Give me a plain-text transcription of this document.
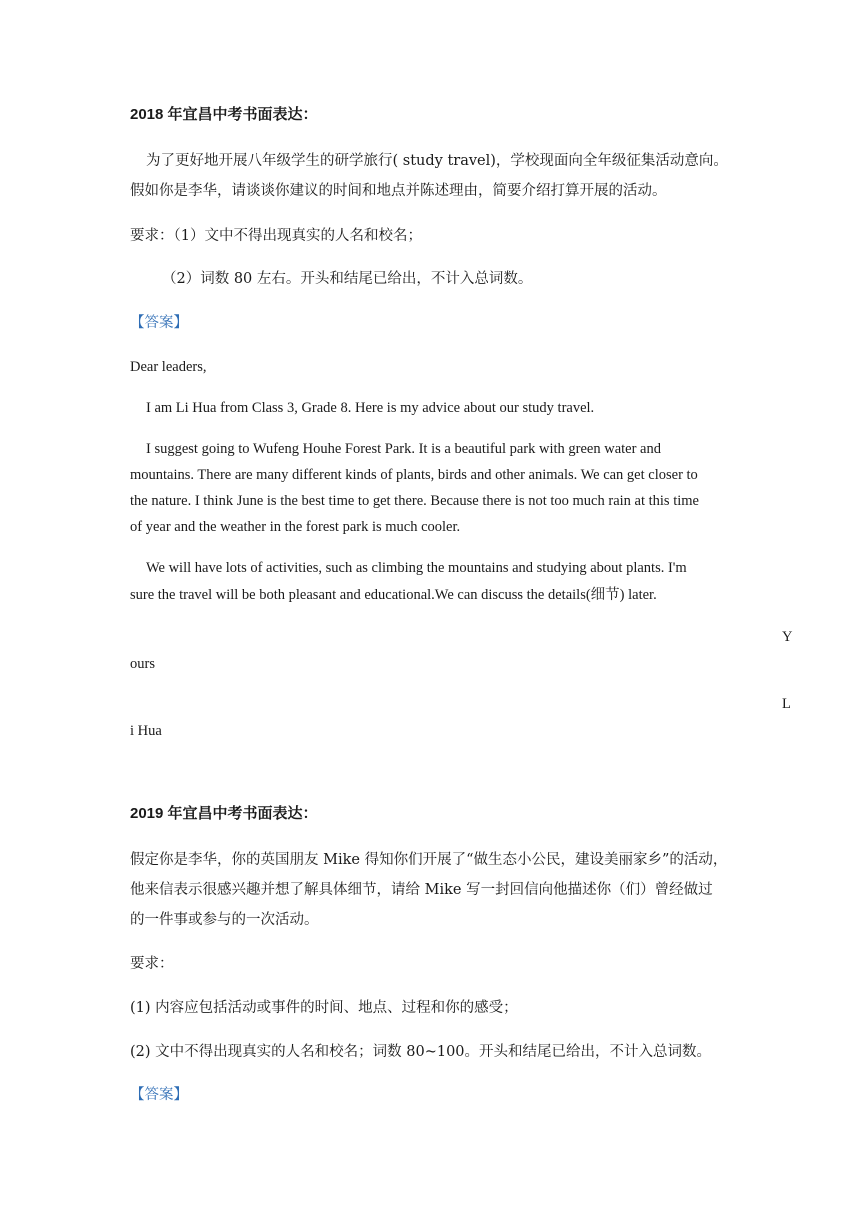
2018 年宜昌中考书面表达：
为了更好地开展八年级学生的研学旅行( study travel)，学校现面向全年级征集活动意向。
假如你是李华，请谈谈你建议的时间和地点并陈述理由，简要介绍打算开展的活动。
要求：（1）文中不得出现真实的人名和校名；
（2）词数 80 左右。开头和结尾已给出，不计入总词数。
【答案】
Dear leaders,
I am Li Hua from Class 3, Grade 8. Here is my advice about our study travel.
I suggest going to Wufeng Houhe Forest Park. It is a beautiful park with green water and
mountains. There are many different kinds of plants, birds and other animals. We can get closer to
the nature. I think June is the best time to get there. Because there is not too much rain at this time
of year and the weather in the forest park is much cooler.
We will have lots of activities, such as climbing the mountains and studying about plants. I'm
sure the travel will be both pleasant and educational.We can discuss the details(细节) later.
Y
ours
L
i Hua
2019 年宜昌中考书面表达：
假定你是李华，你的英国朋友 Mike 得知你们开展了“做生态小公民，建设美丽家乡”的活动，
他来信表示很感兴趣并想了解具体细节，请给 Mike 写一封回信向他描述你（们）曾经做过
的一件事或参与的一次活动。
要求：
(1) 内容应包括活动或事件的时间、地点、过程和你的感受；
(2) 文中不得出现真实的人名和校名；词数 80~100。开头和结尾已给出，不计入总词数。
【答案】
